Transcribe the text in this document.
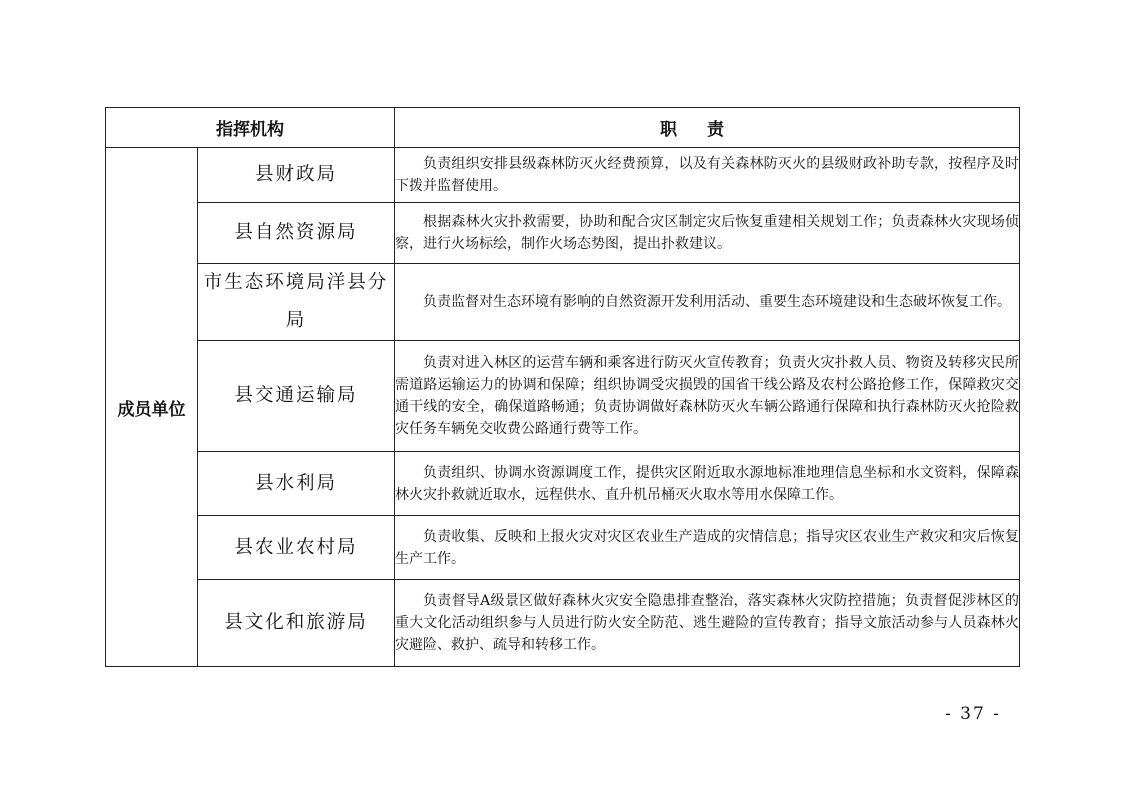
指挥机构		职责
成员单位	县财政局	负责组织安排县级森林防灭火经费预算，以及有关森林防灭火的县级财政补助专款，按程序及时下拨并监督使用。
	县自然资源局	根据森林火灾扑救需要，协助和配合灾区制定灾后恢复重建相关规划工作；负责森林火灾现场侦察，进行火场标绘，制作火场态势图，提出扑救建议。
	市生态环境局洋县分局	负责监督对生态环境有影响的自然资源开发利用活动、重要生态环境建设和生态破坏恢复工作。
	县交通运输局	负责对进入林区的运营车辆和乘客进行防灭火宣传教育；负责火灾扑救人员、物资及转移灾民所需道路运输运力的协调和保障；组织协调受灾损毁的国省干线公路及农村公路抢修工作，保障救灾交通干线的安全，确保道路畅通；负责协调做好森林防灭火车辆公路通行保障和执行森林防灭火抢险救灾任务车辆免交收费公路通行费等工作。
	县水利局	负责组织、协调水资源调度工作，提供灾区附近取水源地标准地理信息坐标和水文资料，保障森林火灾扑救就近取水，远程供水、直升机吊桶灭火取水等用水保障工作。
	县农业农村局	负责收集、反映和上报火灾对灾区农业生产造成的灾情信息；指导灾区农业生产救灾和灾后恢复生产工作。
	县文化和旅游局	负责督导A级景区做好森林火灾安全隐患排查整治，落实森林火灾防控措施；负责督促涉林区的重大文化活动组织参与人员进行防火安全防范、逃生避险的宣传教育；指导文旅活动参与人员森林火灾避险、救护、疏导和转移工作。
- 37 -
